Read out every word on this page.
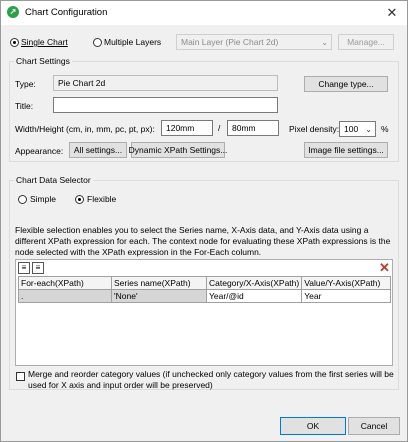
↗ Chart Configuration	✕
Single Chart	Multiple Layers Main Layer (Pie Chart 2d)	⌄	Manage...
Chart Settings
Type:	Pie Chart 2d	Change type...
Title:
Width/Height (cm, in, mm, pc, pt, px):	120mm	/	80mm	Pixel density: 100 ⌄ %
Appearance:	All settings... Dynamic XPath Settings...	Image file settings...
Chart Data Selector
Simple	Flexible
Flexible selection enables you to select the Series name, X-Axis data, and Y-Axis data using a different XPath expression for each. The context node for evaluating these XPath expressions is the node selected with the XPath expression in the For-Each column.
≡	≡	✕
For-each(XPath)	Series name(XPath)	Category/X-Axis(XPath)	Value/Y-Axis(XPath)
.	'None'	Year/@id	Year
Merge and reorder category values (if unchecked only category values from the first series will be used for X axis and input order will be preserved)
OK	Cancel
